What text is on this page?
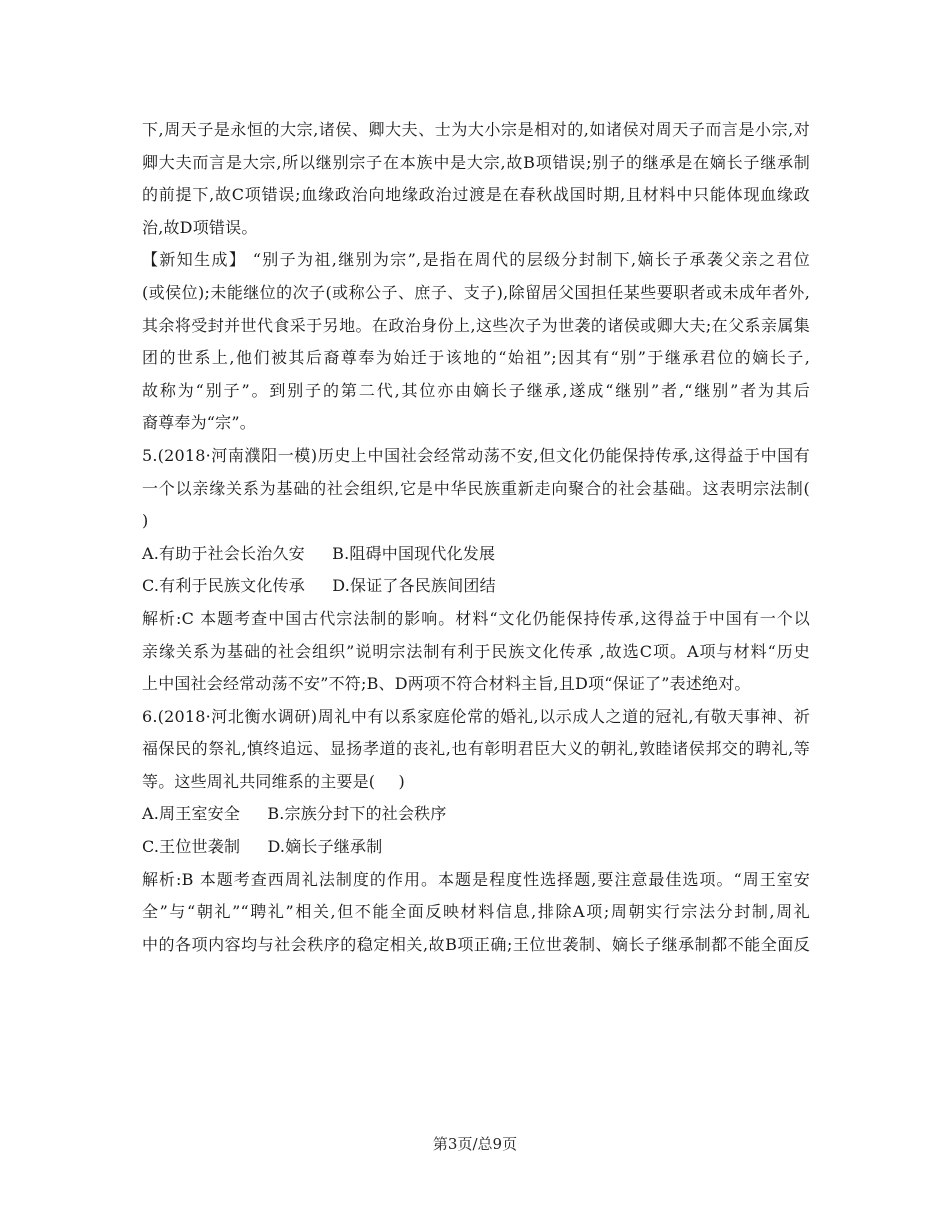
下,周天子是永恒的大宗,诸侯、卿大夫、士为大小宗是相对的,如诸侯对周天子而言是小宗,对
卿大夫而言是大宗,所以继别宗子在本族中是大宗,故B项错误;别子的继承是在嫡长子继承制
的前提下,故C项错误;血缘政治向地缘政治过渡是在春秋战国时期,且材料中只能体现血缘政
治,故D项错误。
【新知生成】 “别子为祖,继别为宗”,是指在周代的层级分封制下,嫡长子承袭父亲之君位
(或侯位);未能继位的次子(或称公子、庶子、支子),除留居父国担任某些要职者或未成年者外,
其余将受封并世代食采于另地。在政治身份上,这些次子为世袭的诸侯或卿大夫;在父系亲属集
团的世系上,他们被其后裔尊奉为始迁于该地的“始祖”;因其有“别”于继承君位的嫡长子,
故称为“别子”。到别子的第二代,其位亦由嫡长子继承,遂成“继别”者,“继别”者为其后
裔尊奉为“宗”。
5.(2018·河南濮阳一模)历史上中国社会经常动荡不安,但文化仍能保持传承,这得益于中国有
一个以亲缘关系为基础的社会组织,它是中华民族重新走向聚合的社会基础。这表明宗法制(
)
A.有助于社会长治久安 B.阻碍中国现代化发展
C.有利于民族文化传承 D.保证了各民族间团结
解析:C 本题考查中国古代宗法制的影响。材料“文化仍能保持传承,这得益于中国有一个以
亲缘关系为基础的社会组织”说明宗法制有利于民族文化传承 ,故选C项。A项与材料“历史
上中国社会经常动荡不安”不符;B、D两项不符合材料主旨,且D项“保证了”表述绝对。
6.(2018·河北衡水调研)周礼中有以系家庭伦常的婚礼,以示成人之道的冠礼,有敬天事神、祈
福保民的祭礼,慎终追远、显扬孝道的丧礼,也有彰明君臣大义的朝礼,敦睦诸侯邦交的聘礼,等
等。这些周礼共同维系的主要是( )
A.周王室安全 B.宗族分封下的社会秩序
C.王位世袭制 D.嫡长子继承制
解析:B 本题考查西周礼法制度的作用。本题是程度性选择题,要注意最佳选项。“周王室安
全”与“朝礼”“聘礼”相关,但不能全面反映材料信息,排除A项;周朝实行宗法分封制,周礼
中的各项内容均与社会秩序的稳定相关,故B项正确;王位世袭制、嫡长子继承制都不能全面反
第3页/总9页
